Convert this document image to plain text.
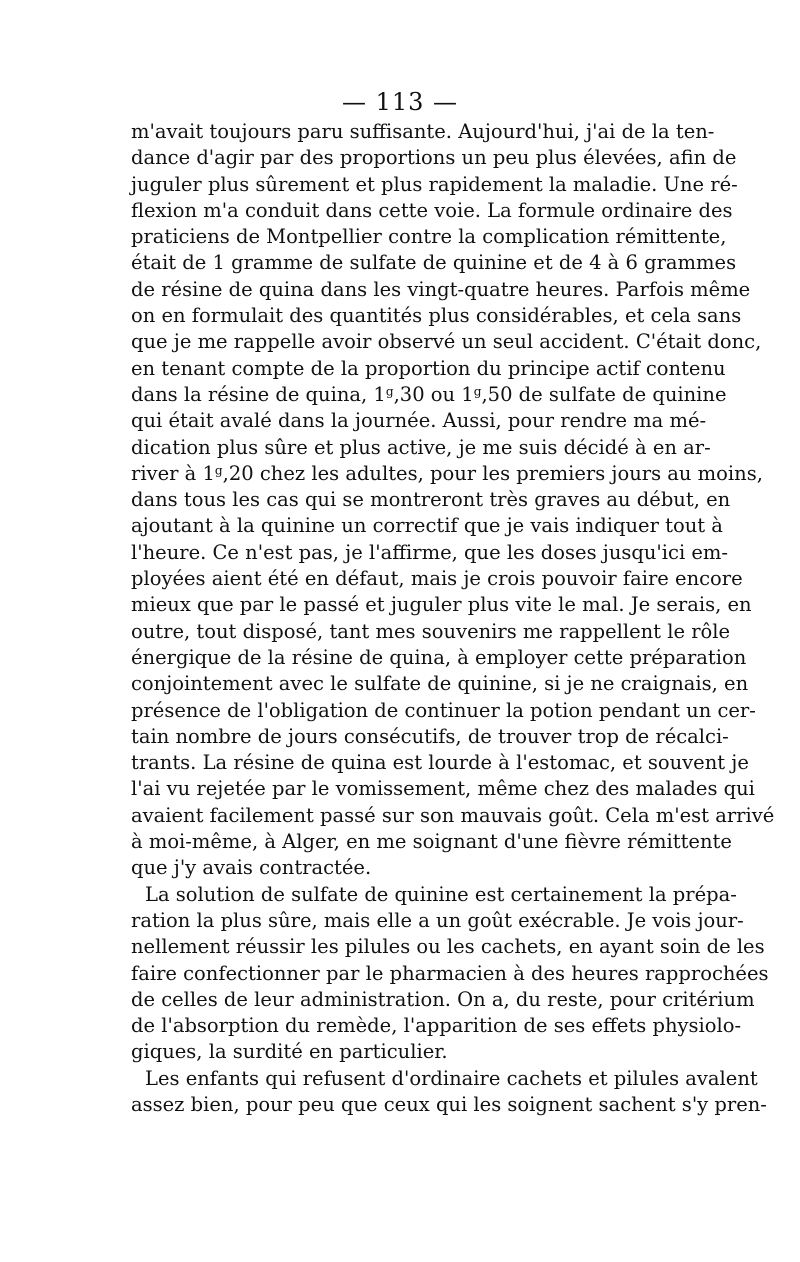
— 113 —
m'avait toujours paru suffisante. Aujourd'hui, j'ai de la ten-
dance d'agir par des proportions un peu plus élevées, afin de
juguler plus sûrement et plus rapidement la maladie. Une ré-
flexion m'a conduit dans cette voie. La formule ordinaire des
praticiens de Montpellier contre la complication rémittente,
était de 1 gramme de sulfate de quinine et de 4 à 6 grammes
de résine de quina dans les vingt-quatre heures. Parfois même
on en formulait des quantités plus considérables, et cela sans
que je me rappelle avoir observé un seul accident. C'était donc,
en tenant compte de la proportion du principe actif contenu
dans la résine de quina, 1$^g$,30 ou 1$^g$,50 de sulfate de quinine
qui était avalé dans la journée. Aussi, pour rendre ma mé-
dication plus sûre et plus active, je me suis décidé à en ar-
river à 1$^g$,20 chez les adultes, pour les premiers jours au moins,
dans tous les cas qui se montreront très graves au début, en
ajoutant à la quinine un correctif que je vais indiquer tout à
l'heure. Ce n'est pas, je l'affirme, que les doses jusqu'ici em-
ployées aient été en défaut, mais je crois pouvoir faire encore
mieux que par le passé et juguler plus vite le mal. Je serais, en
outre, tout disposé, tant mes souvenirs me rappellent le rôle
énergique de la résine de quina, à employer cette préparation
conjointement avec le sulfate de quinine, si je ne craignais, en
présence de l'obligation de continuer la potion pendant un cer-
tain nombre de jours consécutifs, de trouver trop de récalci-
trants. La résine de quina est lourde à l'estomac, et souvent je
l'ai vu rejetée par le vomissement, même chez des malades qui
avaient facilement passé sur son mauvais goût. Cela m'est arrivé
à moi-même, à Alger, en me soignant d'une fièvre rémittente
que j'y avais contractée.
La solution de sulfate de quinine est certainement la prépa-
ration la plus sûre, mais elle a un goût exécrable. Je vois jour-
nellement réussir les pilules ou les cachets, en ayant soin de les
faire confectionner par le pharmacien à des heures rapprochées
de celles de leur administration. On a, du reste, pour critérium
de l'absorption du remède, l'apparition de ses effets physiolo-
giques, la surdité en particulier.
Les enfants qui refusent d'ordinaire cachets et pilules avalent
assez bien, pour peu que ceux qui les soignent sachent s'y pren-
